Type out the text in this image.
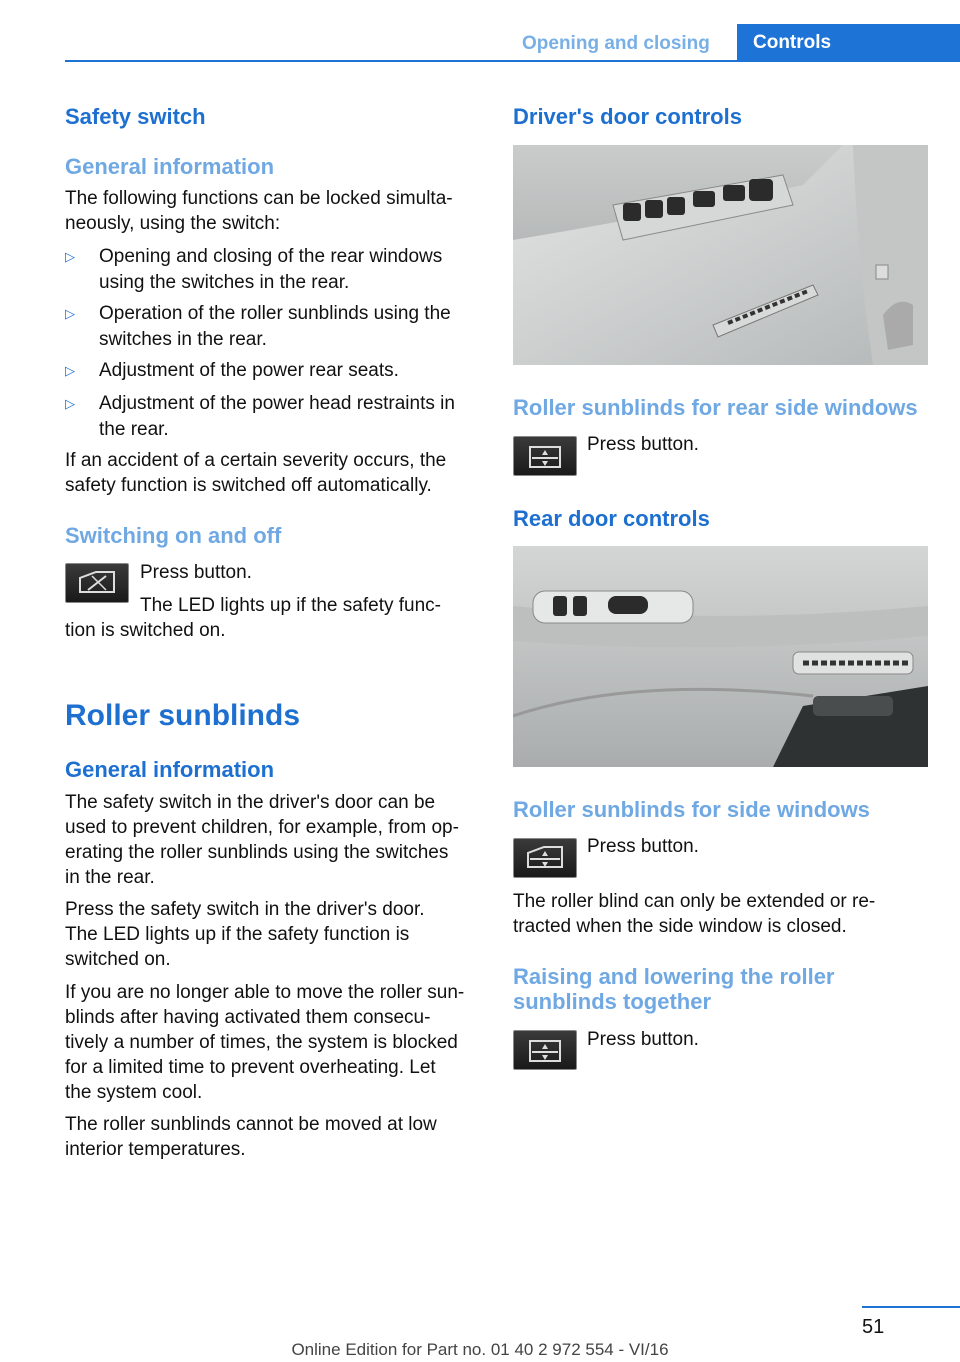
Opening and closing	Controls
Safety switch
General information

The following functions can be locked simulta-

neously, using the switch:

▷ Opening and closing of the rear windows
using the switches in the rear.
▷ Operation of the roller sunblinds using the
switches in the rear.
▷ Adjustment of the power rear seats.
▷ Adjustment of the power head restraints in
the rear.

If an accident of a certain severity occurs, the

safety function is switched off automatically.

Switching on and off

Press button.

The LED lights up if the safety func-

tion is switched on.

Roller sunblinds
General information

The safety switch in the driver's door can be

used to prevent children, for example, from op-

erating the roller sunblinds using the switches

in the rear.

Press the safety switch in the driver's door.

The LED lights up if the safety function is

switched on.

If you are no longer able to move the roller sun-

blinds after having activated them consecu-

tively a number of times, the system is blocked

for a limited time to prevent overheating. Let

the system cool.

The roller sunblinds cannot be moved at low

interior temperatures.

Driver's door controls
Roller sunblinds for rear side windows

Press button.

Rear door controls
Roller sunblinds for side windows

Press button.

The roller blind can only be extended or re-

tracted when the side window is closed.

Raising and lowering the roller
sunblinds together

Press button.

51
Online Edition for Part no. 01 40 2 972 554 - VI/16
